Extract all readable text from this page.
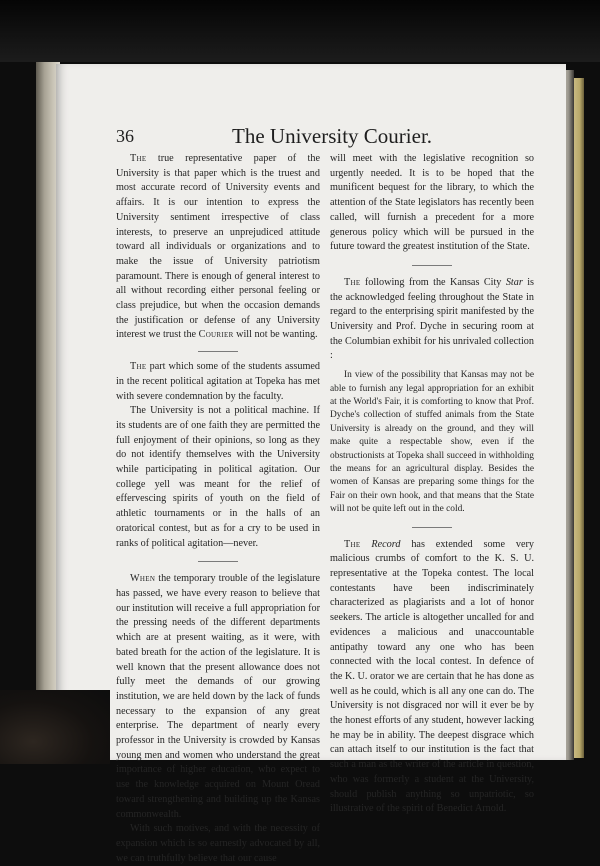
36	The University Courier.

The true representative paper of the University is that paper which is the truest and most accurate record of University events and affairs. It is our intention to express the University sentiment irrespective of class interests, to preserve an unprejudiced attitude toward all individuals or organizations and to make the issue of University patriotism paramount. There is enough of general interest to all without recording either personal feeling or class prejudice, but when the occasion demands the justification or defense of any University interest we trust the Courier will not be wanting.

The part which some of the students assumed in the recent political agitation at Topeka has met with severe condemnation by the faculty.

The University is not a political machine. If its students are of one faith they are permitted the full enjoyment of their opinions, so long as they do not identify themselves with the University while participating in political agitation. Our college yell was meant for the relief of effervescing spirits of youth on the field of athletic tournaments or in the halls of an oratorical contest, but as for a cry to be used in ranks of political agitation—never.

When the temporary trouble of the legislature has passed, we have every reason to believe that our institution will receive a full appropriation for the pressing needs of the different departments which are at present waiting, as it were, with bated breath for the action of the legislature. It is well known that the present allowance does not fully meet the demands of our growing institution, we are held down by the lack of funds necessary to the expansion of any great enterprise. The department of nearly every professor in the University is crowded by Kansas young men and women who understand the great importance of higher education, who expect to use the knowledge acquired on Mount Oread toward strengthening and building up the Kansas commonwealth.

With such motives, and with the necessity of expansion which is so earnestly advocated by all, we can truthfully believe that our cause

will meet with the legislative recognition so urgently needed. It is to be hoped that the munificent bequest for the library, to which the attention of the State legislators has recently been called, will furnish a precedent for a more generous policy which will be pursued in the future toward the greatest institution of the State.

The following from the Kansas City Star is the acknowledged feeling throughout the State in regard to the enterprising spirit manifested by the University and Prof. Dyche in securing room at the Columbian exhibit for his unrivaled collection :

In view of the possibility that Kansas may not be able to furnish any legal appropriation for an exhibit at the World's Fair, it is comforting to know that Prof. Dyche's collection of stuffed animals from the State University is already on the ground, and they will make quite a respectable show, even if the obstructionists at Topeka shall succeed in withholding the means for an agricultural display. Besides the women of Kansas are preparing some things for the Fair on their own hook, and that means that the State will not be quite left out in the cold.

The Record has extended some very malicious crumbs of comfort to the K. S. U. representative at the Topeka contest. The local contestants have been indiscriminately characterized as plagiarists and a lot of honor seekers. The article is altogether uncalled for and evidences a malicious and unaccountable antipathy toward any one who has been connected with the local contest. In defence of the K. U. orator we are certain that he has done as well as he could, which is all any one can do. The University is not disgraced nor will it ever be by the honest efforts of any student, however lacking he may be in ability. The deepest disgrace which can attach itself to our institution is the fact that such a man as the writer of the article in question, who was formerly a student at the University, should publish anything so unpatriotic, so illustrative of the spirit of Benedict Arnold.
